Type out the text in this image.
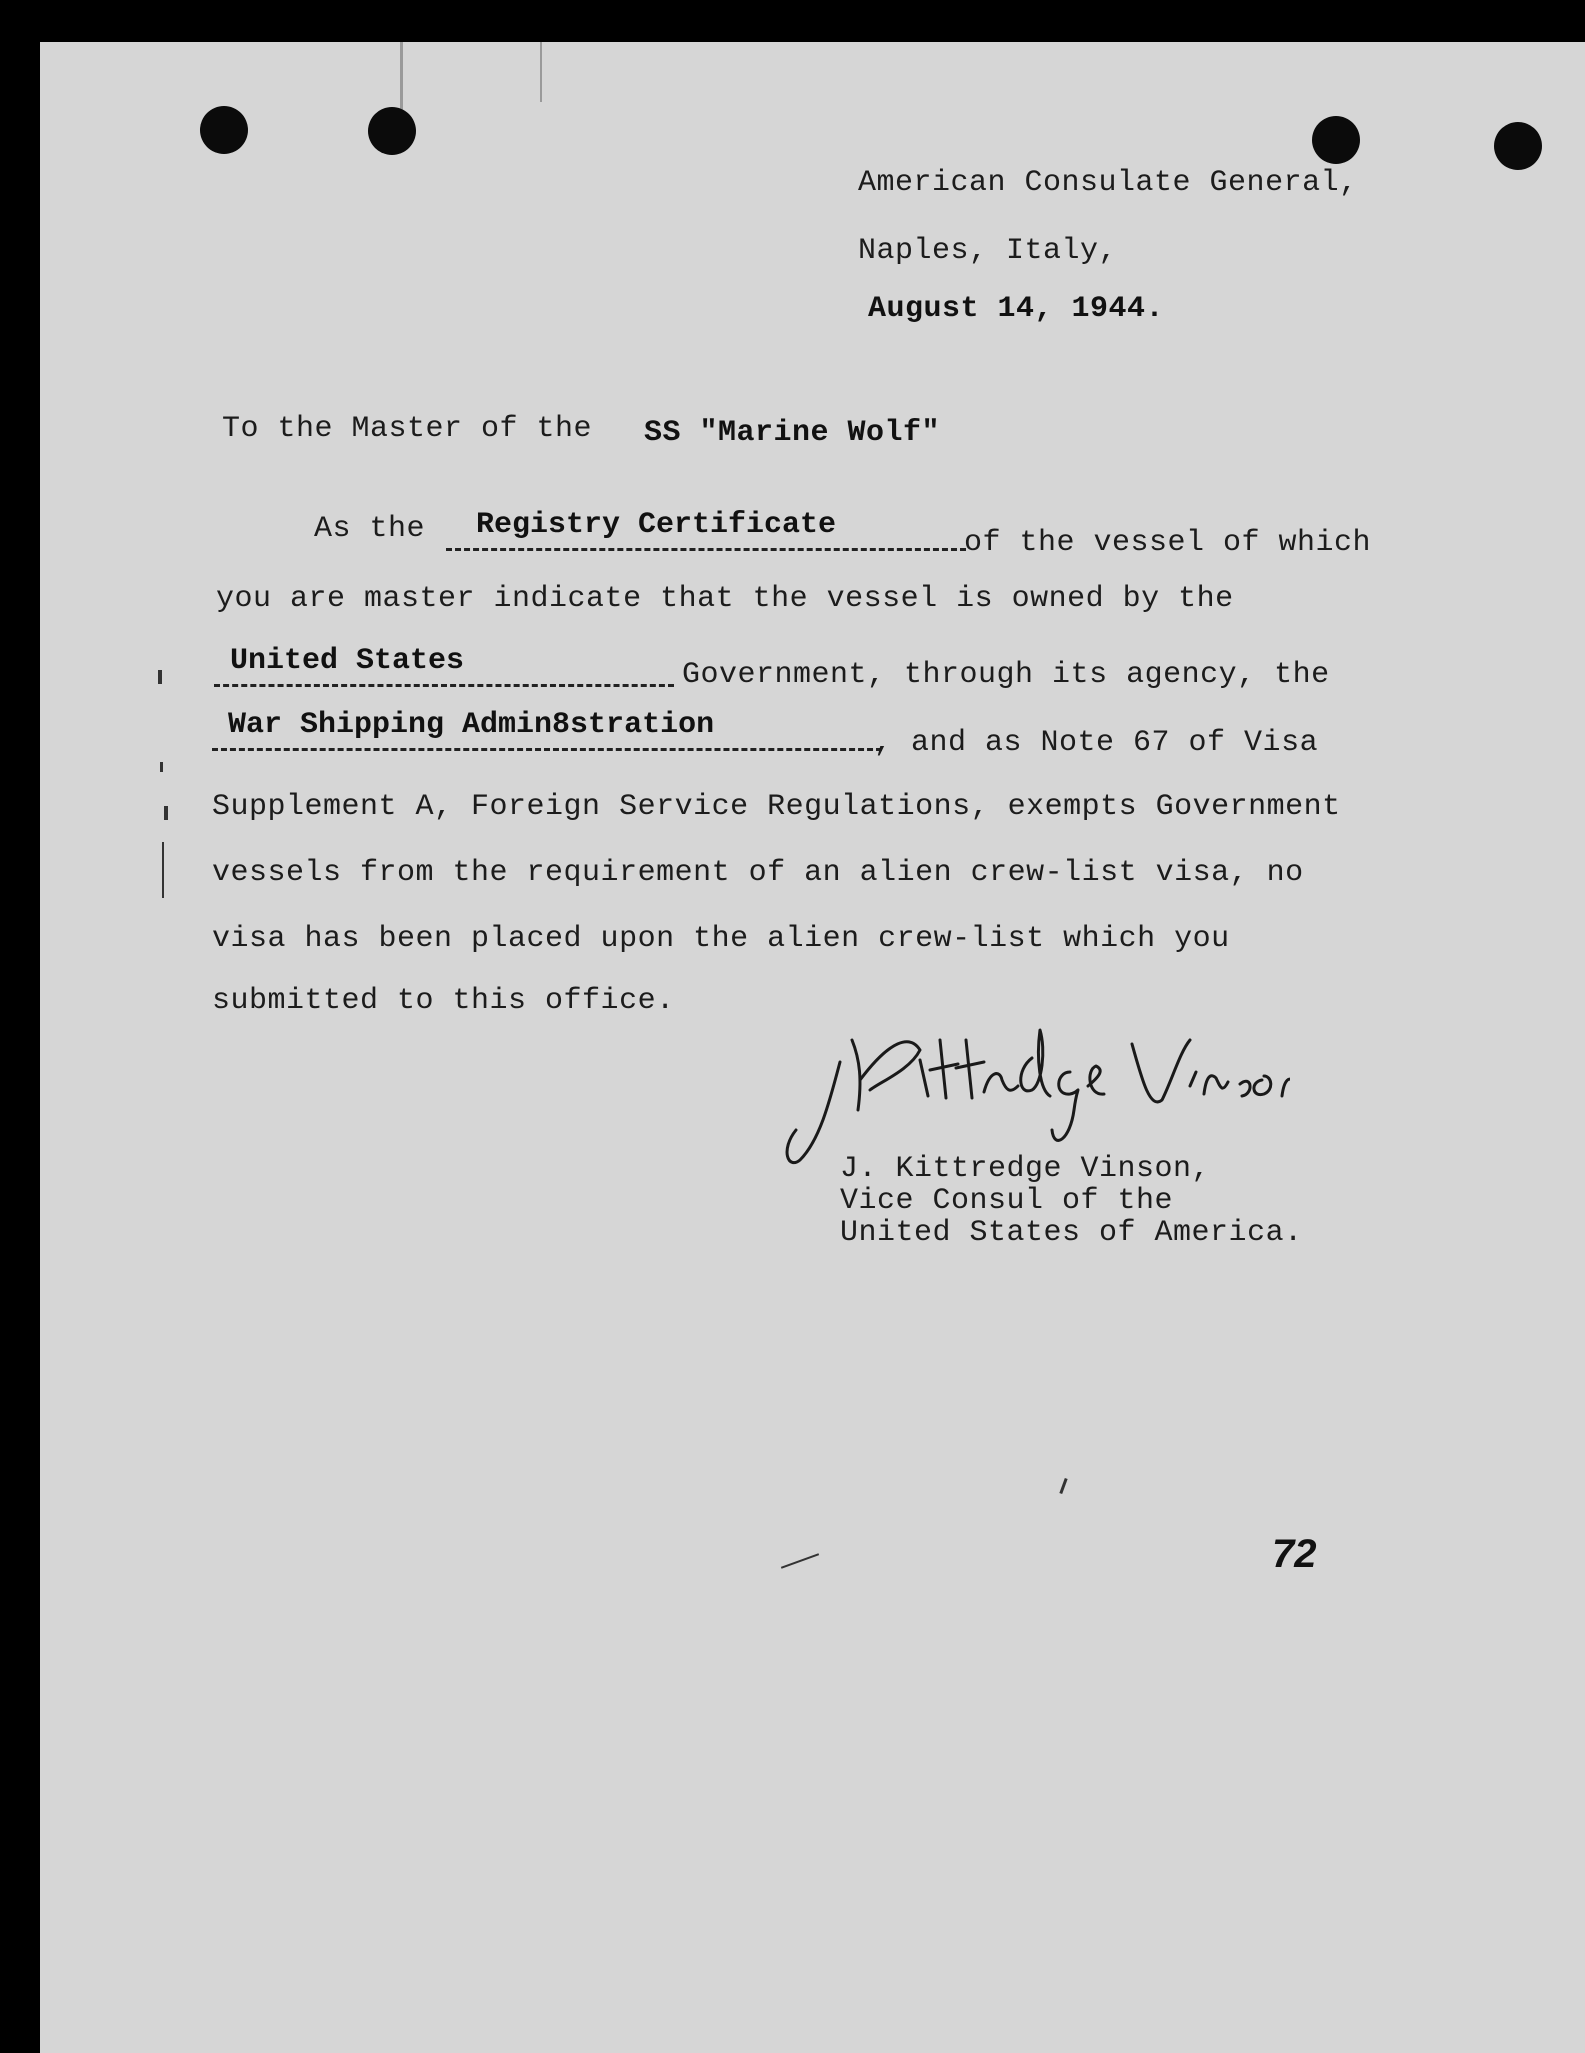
American Consulate General,
Naples, Italy,
August 14, 1944.
To the Master of the SS "Marine Wolf"
As the Registry Certificate
of the vessel of which
you are master indicate that the vessel is owned by the
United States	Government, through its agency, the
War Shipping Admin8stration
, and as Note 67 of Visa
Supplement A, Foreign Service Regulations, exempts Government
vessels from the requirement of an alien crew-list visa, no
visa has been placed upon the alien crew-list which you
submitted to this office.
J. Kittredge Vinson,
Vice Consul of the
United States of America.
72
